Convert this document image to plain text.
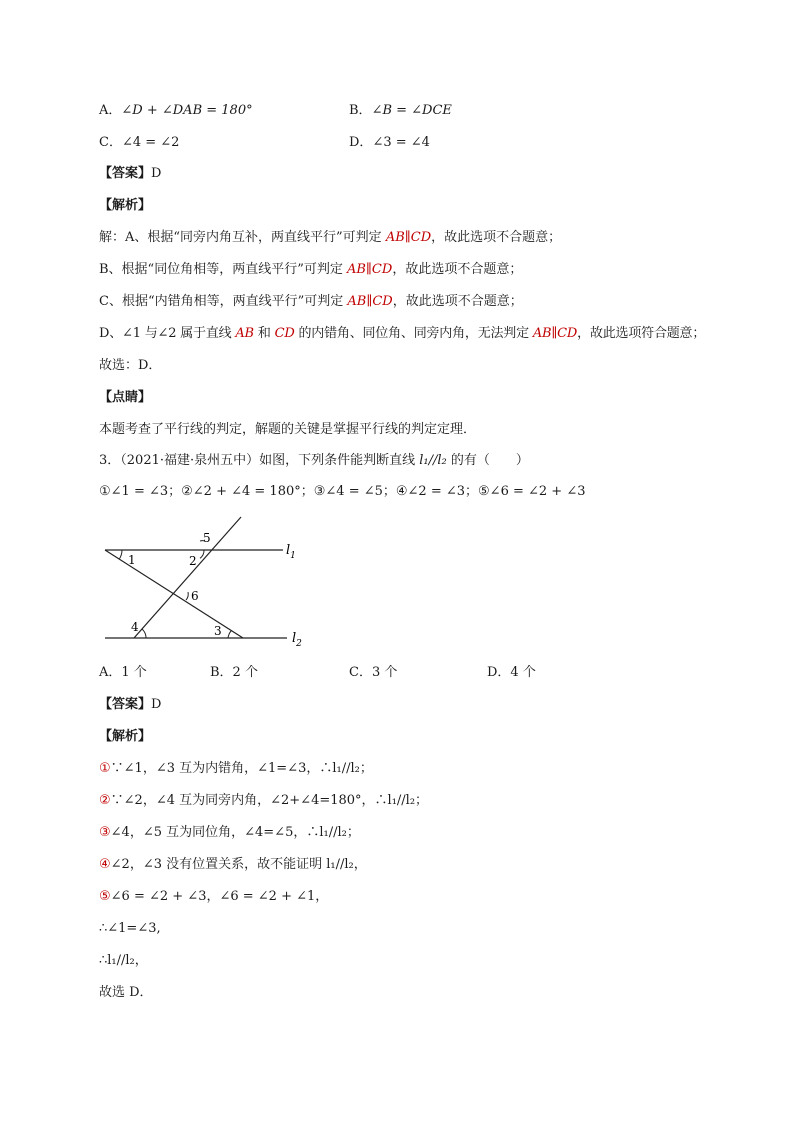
A．∠D + ∠DAB = 180°	B．∠B = ∠DCE
C．∠4 = ∠2	D．∠3 = ∠4
【答案】D
【解析】
解：A、根据“同旁内角互补，两直线平行”可判定 AB∥CD，故此选项不合题意；
B、根据“同位角相等，两直线平行”可判定 AB∥CD，故此选项不合题意；
C、根据“内错角相等，两直线平行”可判定 AB∥CD，故此选项不合题意；
D、∠1 与∠2 属于直线 AB 和 CD 的内错角、同位角、同旁内角，无法判定 AB∥CD，故此选项符合题意；
故选：D．
【点睛】
本题考查了平行线的判定，解题的关键是掌握平行线的判定定理．
3．（2021·福建·泉州五中）如图，下列条件能判断直线 l₁//l₂ 的有（　　）
①∠1 = ∠3；②∠2 + ∠4 = 180°；③∠4 = ∠5；④∠2 = ∠3；⑤∠6 = ∠2 + ∠3
1	2
5
6
4	3
$l_1$
$l_2$
A．1 个	B．2 个	C．3 个	D．4 个
【答案】D
【解析】
①∵∠1，∠3 互为内错角，∠1=∠3，∴l₁//l₂；
②∵∠2，∠4 互为同旁内角，∠2+∠4=180°，∴l₁//l₂；
③∠4，∠5 互为同位角，∠4=∠5，∴l₁//l₂；
④∠2，∠3 没有位置关系，故不能证明 l₁//l₂，
⑤∠6 = ∠2 + ∠3，∠6 = ∠2 + ∠1，
∴∠1=∠3,
∴l₁//l₂，
故选 D．
